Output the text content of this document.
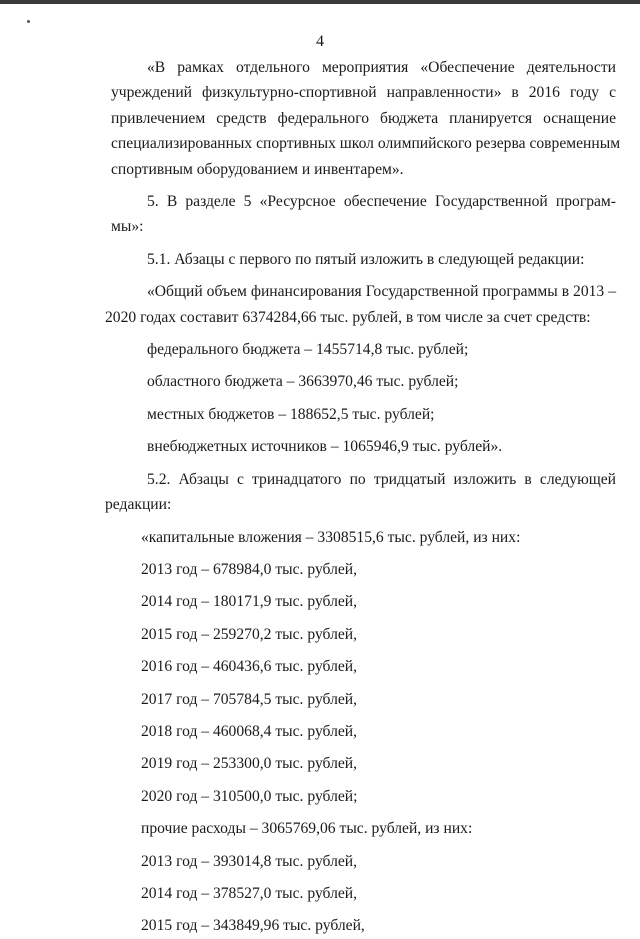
4

«В рамках отдельного мероприятия «Обеспечение деятельности
учреждений физкультурно-спортивной направленности» в 2016 году с
привлечением средств федерального бюджета планируется оснащение
специализированных спортивных школ олимпийского резерва современным
спортивным оборудованием и инвентарем».

5. В разделе 5 «Ресурсное обеспечение Государственной програм-
мы»:

5.1. Абзацы с первого по пятый изложить в следующей редакции:

«Общий объем финансирования Государственной программы в 2013 –
2020 годах составит 6374284,66 тыс. рублей, в том числе за счет средств:

федерального бюджета – 1455714,8 тыс. рублей;

областного бюджета – 3663970,46 тыс. рублей;

местных бюджетов – 188652,5 тыс. рублей;

внебюджетных источников – 1065946,9 тыс. рублей».

5.2. Абзацы с тринадцатого по тридцатый изложить в следующей
редакции:

«капитальные вложения – 3308515,6 тыс. рублей, из них:

2013 год – 678984,0 тыс. рублей,

2014 год – 180171,9 тыс. рублей,

2015 год – 259270,2 тыс. рублей,

2016 год – 460436,6 тыс. рублей,

2017 год – 705784,5 тыс. рублей,

2018 год – 460068,4 тыс. рублей,

2019 год – 253300,0 тыс. рублей,

2020 год – 310500,0 тыс. рублей;

прочие расходы – 3065769,06 тыс. рублей, из них:

2013 год – 393014,8 тыс. рублей,

2014 год – 378527,0 тыс. рублей,

2015 год – 343849,96 тыс. рублей,
